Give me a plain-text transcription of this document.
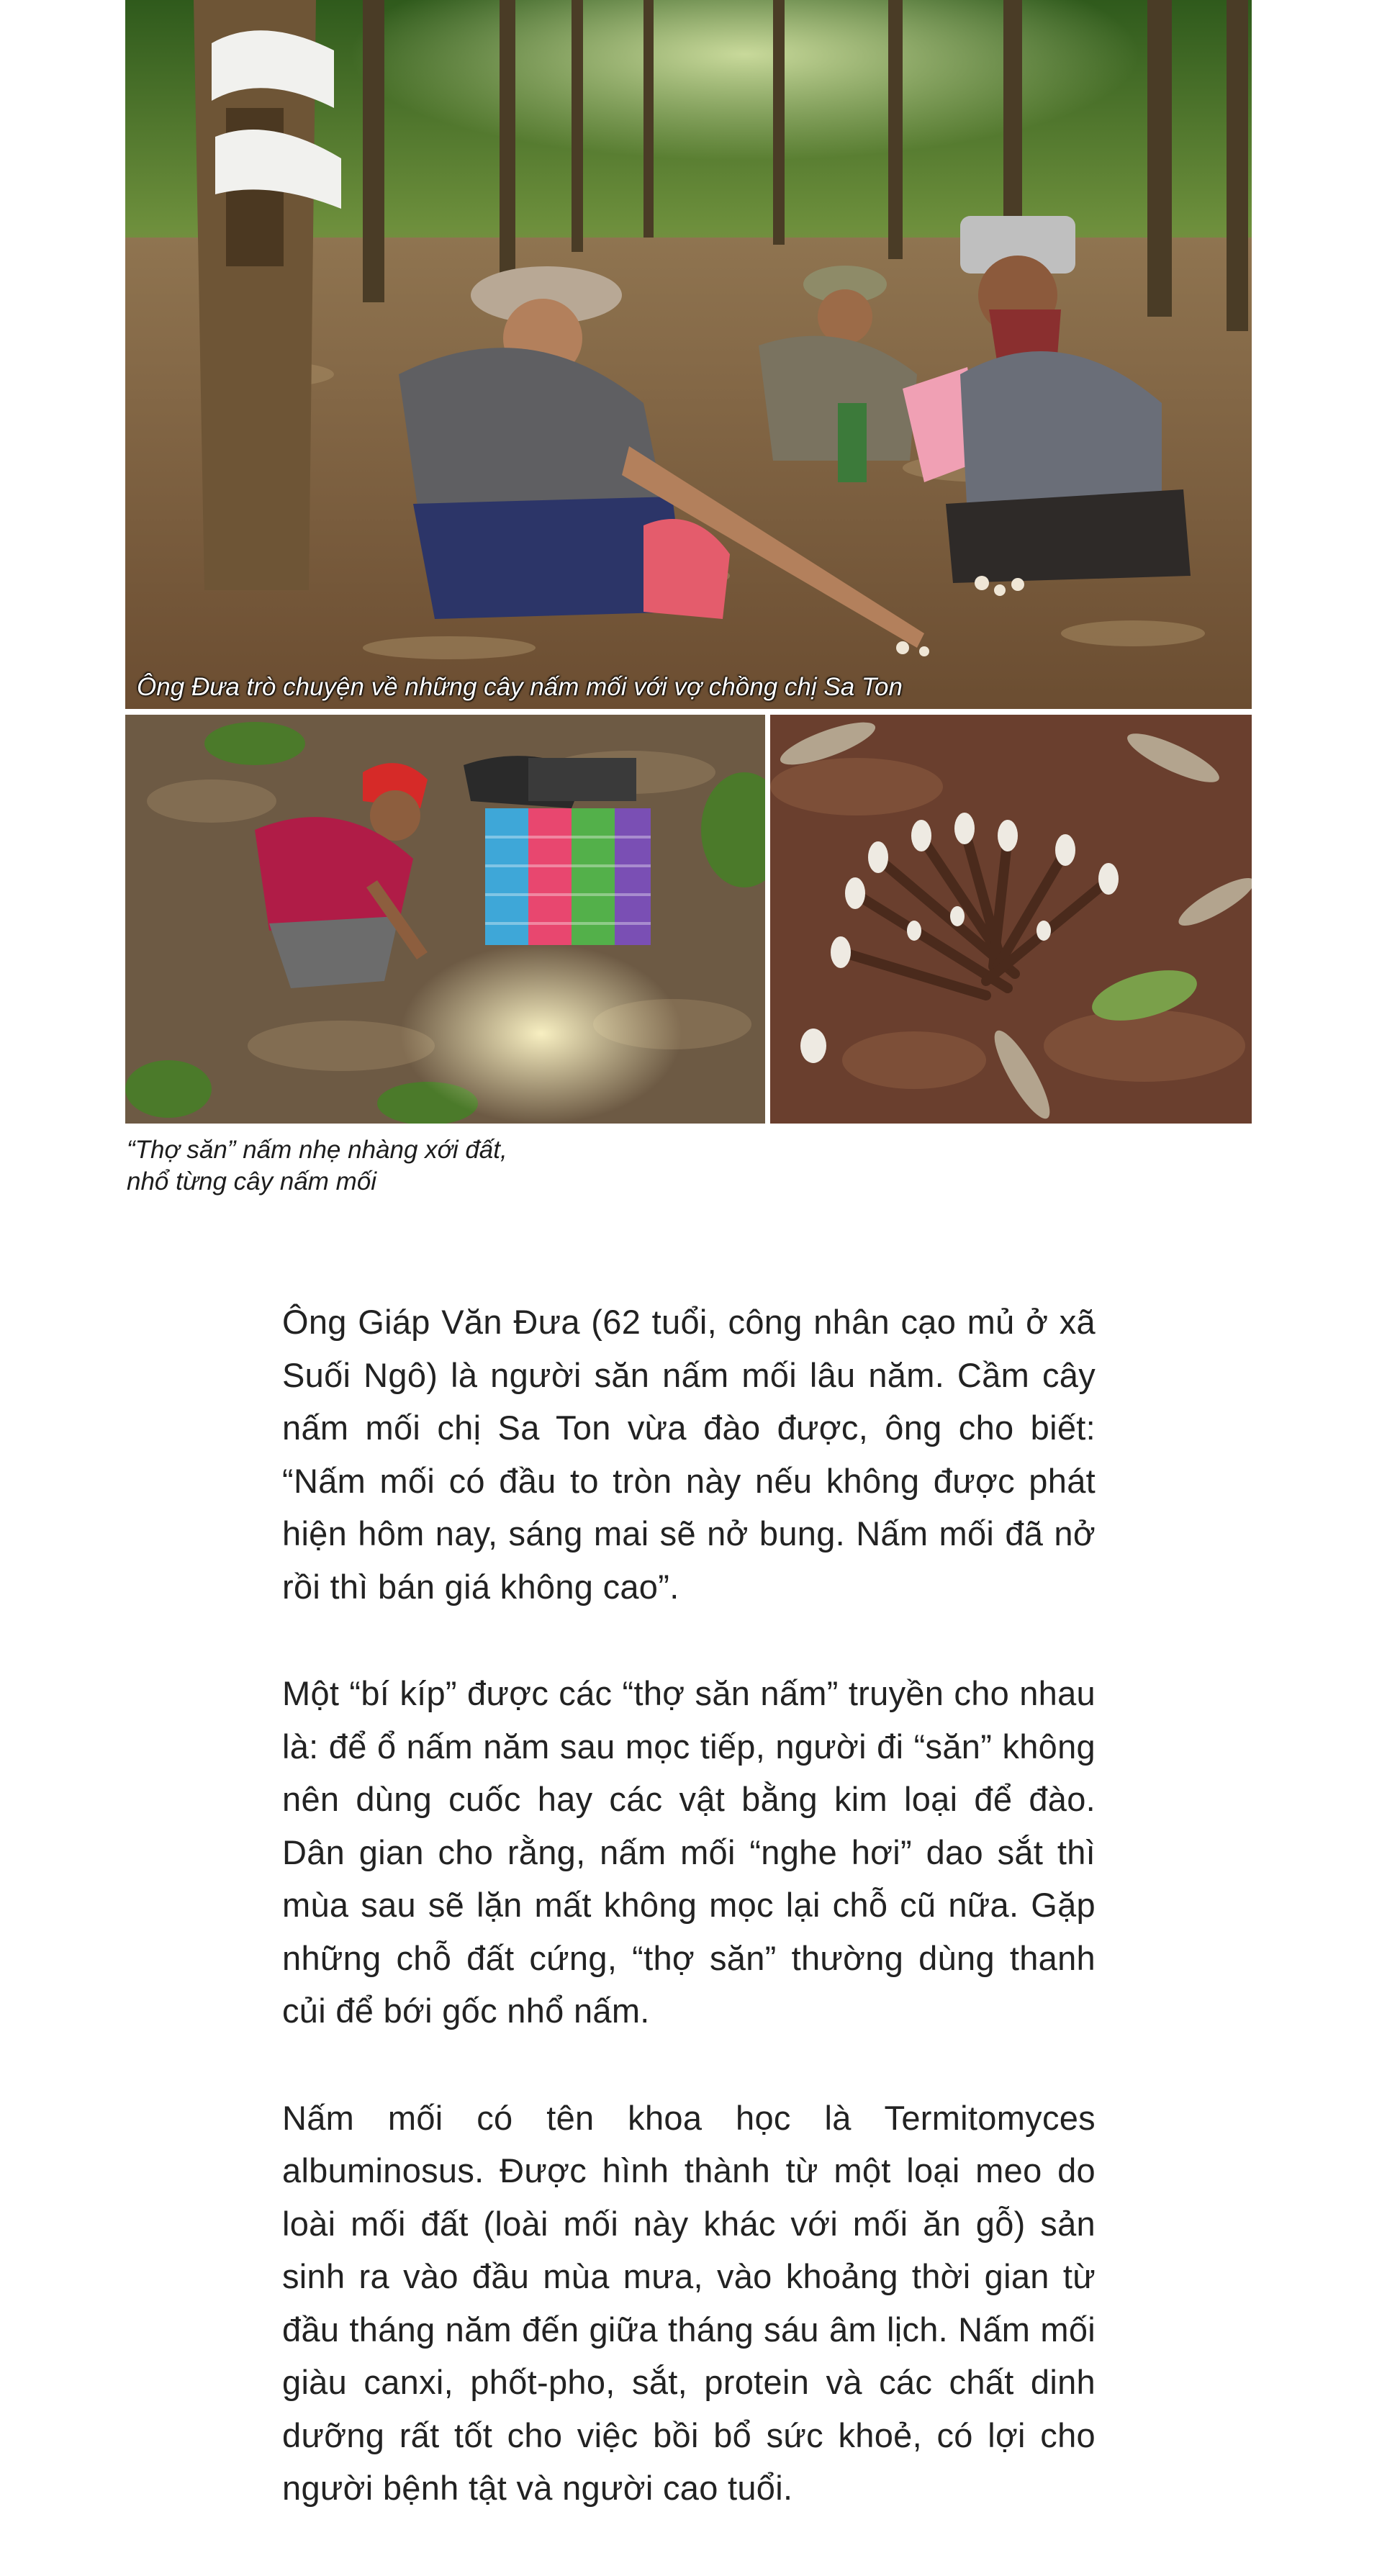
Ông Đưa trò chuyện về những cây nấm mối với vợ chồng chị Sa Ton
“Thợ săn” nấm nhẹ nhàng xới đất,
nhổ từng cây nấm mối

Ông Giáp Văn Đưa (62 tuổi, công nhân cạo mủ ở xã Suối Ngô) là người săn nấm mối lâu năm. Cầm cây nấm mối chị Sa Ton vừa đào được, ông cho biết: “Nấm mối có đầu to tròn này nếu không được phát hiện hôm nay, sáng mai sẽ nở bung. Nấm mối đã nở rồi thì bán giá không cao”.

Một “bí kíp” được các “thợ săn nấm” truyền cho nhau là: để ổ nấm năm sau mọc tiếp, người đi “săn” không nên dùng cuốc hay các vật bằng kim loại để đào. Dân gian cho rằng, nấm mối “nghe hơi” dao sắt thì mùa sau sẽ lặn mất không mọc lại chỗ cũ nữa. Gặp những chỗ đất cứng, “thợ săn” thường dùng thanh củi để bới gốc nhổ nấm.

Nấm mối có tên khoa học là Termitomyces albuminosus. Được hình thành từ một loại meo do loài mối đất (loài mối này khác với mối ăn gỗ) sản sinh ra vào đầu mùa mưa, vào khoảng thời gian từ đầu tháng năm đến giữa tháng sáu âm lịch. Nấm mối giàu canxi, phốt-pho, sắt, protein và các chất dinh dưỡng rất tốt cho việc bồi bổ sức khoẻ, có lợi cho người bệnh tật và người cao tuổi.
